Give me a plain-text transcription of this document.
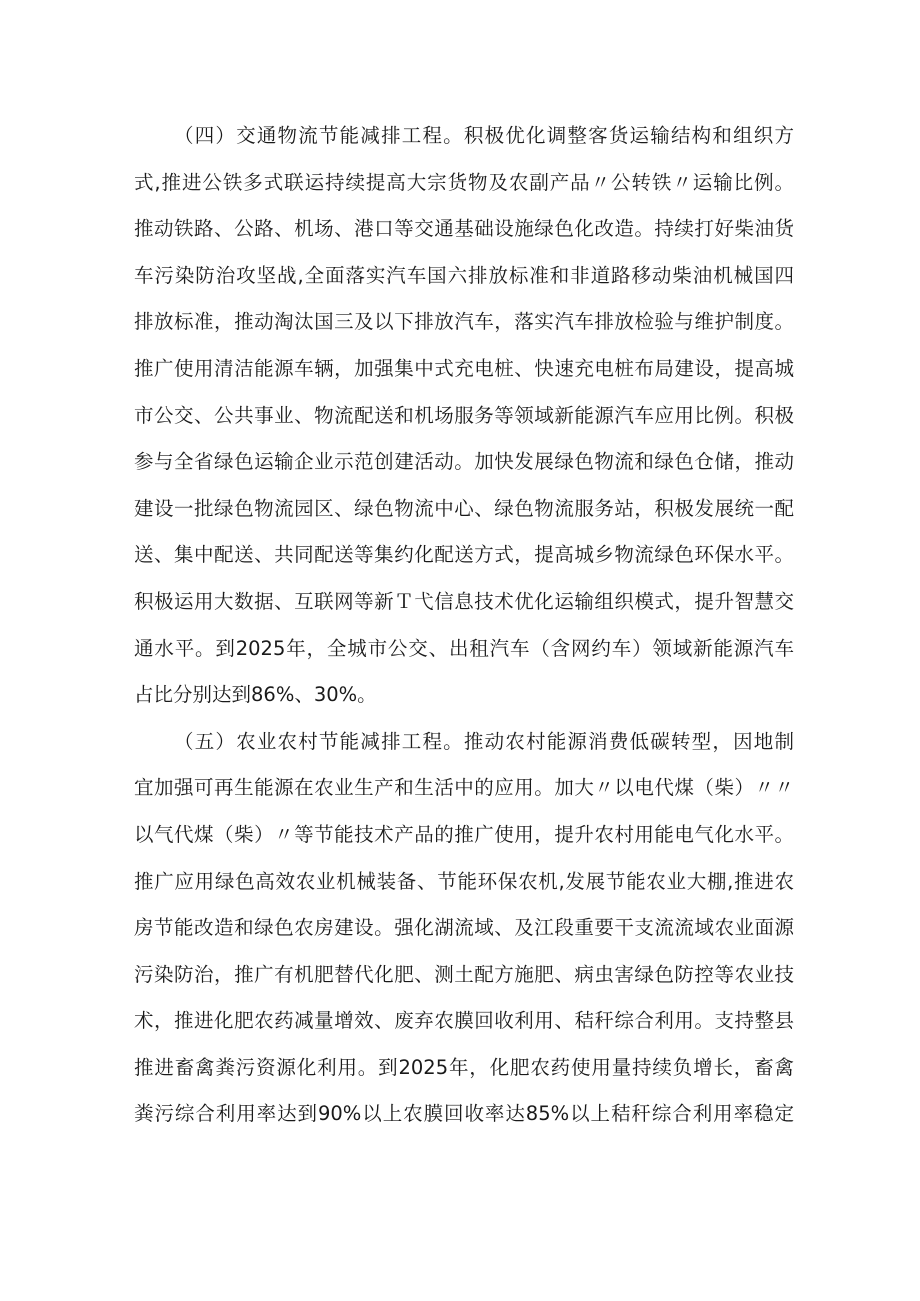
（四）交通物流节能减排工程。积极优化调整客货运输结构和组织方
式,推进公铁多式联运持续提高大宗货物及农副产品〃公转铁〃运输比例。
推动铁路、公路、机场、港口等交通基础设施绿色化改造。持续打好柴油货
车污染防治攻坚战,全面落实汽车国六排放标准和非道路移动柴油机械国四
排放标准，推动淘汰国三及以下排放汽车，落实汽车排放检验与维护制度。
推广使用清洁能源车辆，加强集中式充电桩、快速充电桩布局建设，提高城
市公交、公共事业、物流配送和机场服务等领域新能源汽车应用比例。积极
参与全省绿色运输企业示范创建活动。加快发展绿色物流和绿色仓储，推动
建设一批绿色物流园区、绿色物流中心、绿色物流服务站，积极发展统一配
送、集中配送、共同配送等集约化配送方式，提高城乡物流绿色环保水平。
积极运用大数据、互联网等新Ｔ弋信息技术优化运输组织模式，提升智慧交
通水平。到2025年，全城市公交、出租汽车（含网约车）领域新能源汽车
占比分别达到86%、30%。
（五）农业农村节能减排工程。推动农村能源消费低碳转型，因地制
宜加强可再生能源在农业生产和生活中的应用。加大〃以电代煤（柴）〃〃
以气代煤（柴）〃等节能技术产品的推广使用，提升农村用能电气化水平。
推广应用绿色高效农业机械装备、节能环保农机,发展节能农业大棚,推进农
房节能改造和绿色农房建设。强化湖流域、及江段重要干支流流域农业面源
污染防治，推广有机肥替代化肥、测土配方施肥、病虫害绿色防控等农业技
术，推进化肥农药减量增效、废弃农膜回收利用、秸秆综合利用。支持整县
推进畜禽粪污资源化利用。到2025年，化肥农药使用量持续负增长，畜禽
粪污综合利用率达到90%以上农膜回收率达85%以上秸秆综合利用率稳定
